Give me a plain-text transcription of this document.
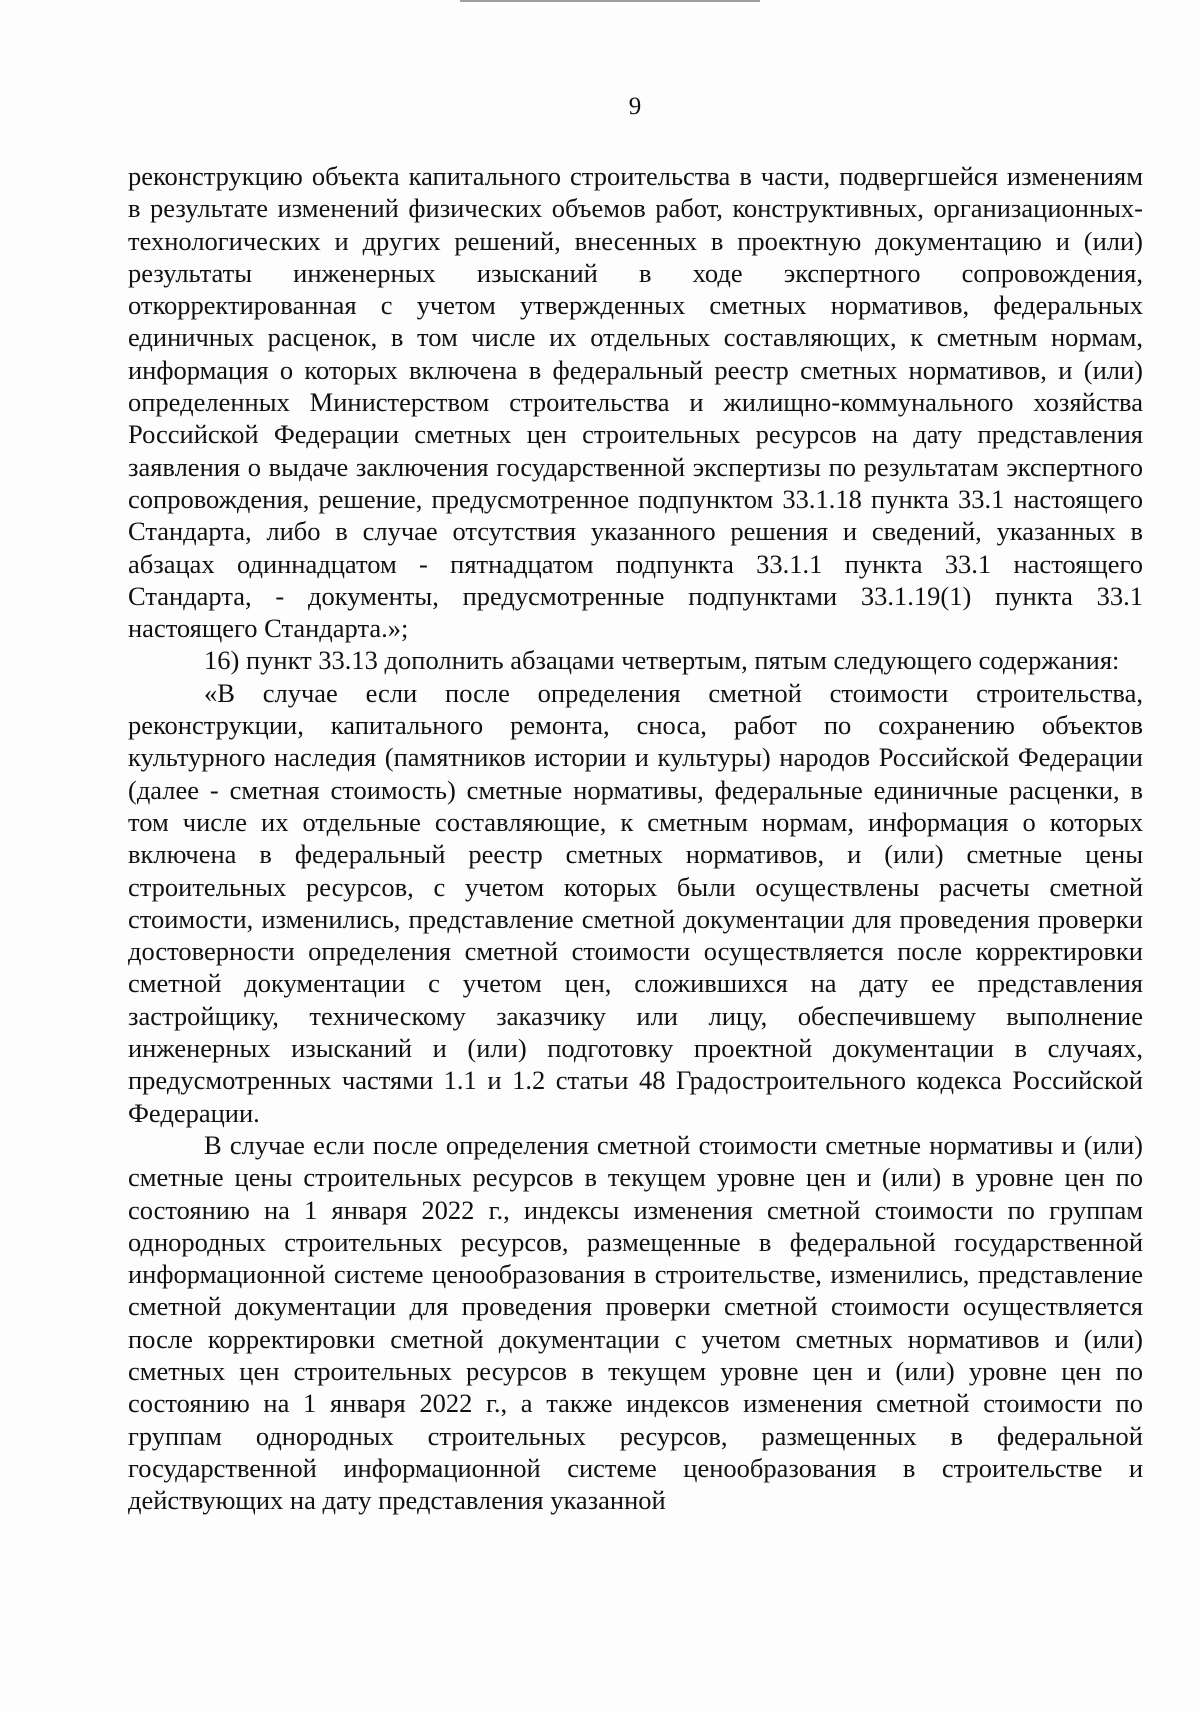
9

реконструкцию объекта капитального строительства в части, подвергшейся изменениям в результате изменений физических объемов работ, конструктивных, организационных-технологических и других решений, внесенных в проектную документацию и (или) результаты инженерных изысканий в ходе экспертного сопровождения, откорректированная с учетом утвержденных сметных нормативов, федеральных единичных расценок, в том числе их отдельных составляющих, к сметным нормам, информация о которых включена в федеральный реестр сметных нормативов, и (или) определенных Министерством строительства и жилищно-коммунального хозяйства Российской Федерации сметных цен строительных ресурсов на дату представления заявления о выдаче заключения государственной экспертизы по результатам экспертного сопровождения, решение, предусмотренное подпунктом 33.1.18 пункта 33.1 настоящего Стандарта, либо в случае отсутствия указанного решения и сведений, указанных в абзацах одиннадцатом - пятнадцатом подпункта 33.1.1 пункта 33.1 настоящего Стандарта, - документы, предусмотренные подпунктами 33.1.19(1) пункта 33.1 настоящего Стандарта.»;

16) пункт 33.13 дополнить абзацами четвертым, пятым следующего содержания:

«В случае если после определения сметной стоимости строительства, реконструкции, капитального ремонта, сноса, работ по сохранению объектов культурного наследия (памятников истории и культуры) народов Российской Федерации (далее - сметная стоимость) сметные нормативы, федеральные единичные расценки, в том числе их отдельные составляющие, к сметным нормам, информация о которых включена в федеральный реестр сметных нормативов, и (или) сметные цены строительных ресурсов, с учетом которых были осуществлены расчеты сметной стоимости, изменились, представление сметной документации для проведения проверки достоверности определения сметной стоимости осуществляется после корректировки сметной документации с учетом цен, сложившихся на дату ее представления застройщику, техническому заказчику или лицу, обеспечившему выполнение инженерных изысканий и (или) подготовку проектной документации в случаях, предусмотренных частями 1.1 и 1.2 статьи 48 Градостроительного кодекса Российской Федерации.

В случае если после определения сметной стоимости сметные нормативы и (или) сметные цены строительных ресурсов в текущем уровне цен и (или) в уровне цен по состоянию на 1 января 2022 г., индексы изменения сметной стоимости по группам однородных строительных ресурсов, размещенные в федеральной государственной информационной системе ценообразования в строительстве, изменились, представление сметной документации для проведения проверки сметной стоимости осуществляется после корректировки сметной документации с учетом сметных нормативов и (или) сметных цен строительных ресурсов в текущем уровне цен и (или) уровне цен по состоянию на 1 января 2022 г., а также индексов изменения сметной стоимости по группам однородных строительных ресурсов, размещенных в федеральной государственной информационной системе ценообразования в строительстве и действующих на дату представления указанной
